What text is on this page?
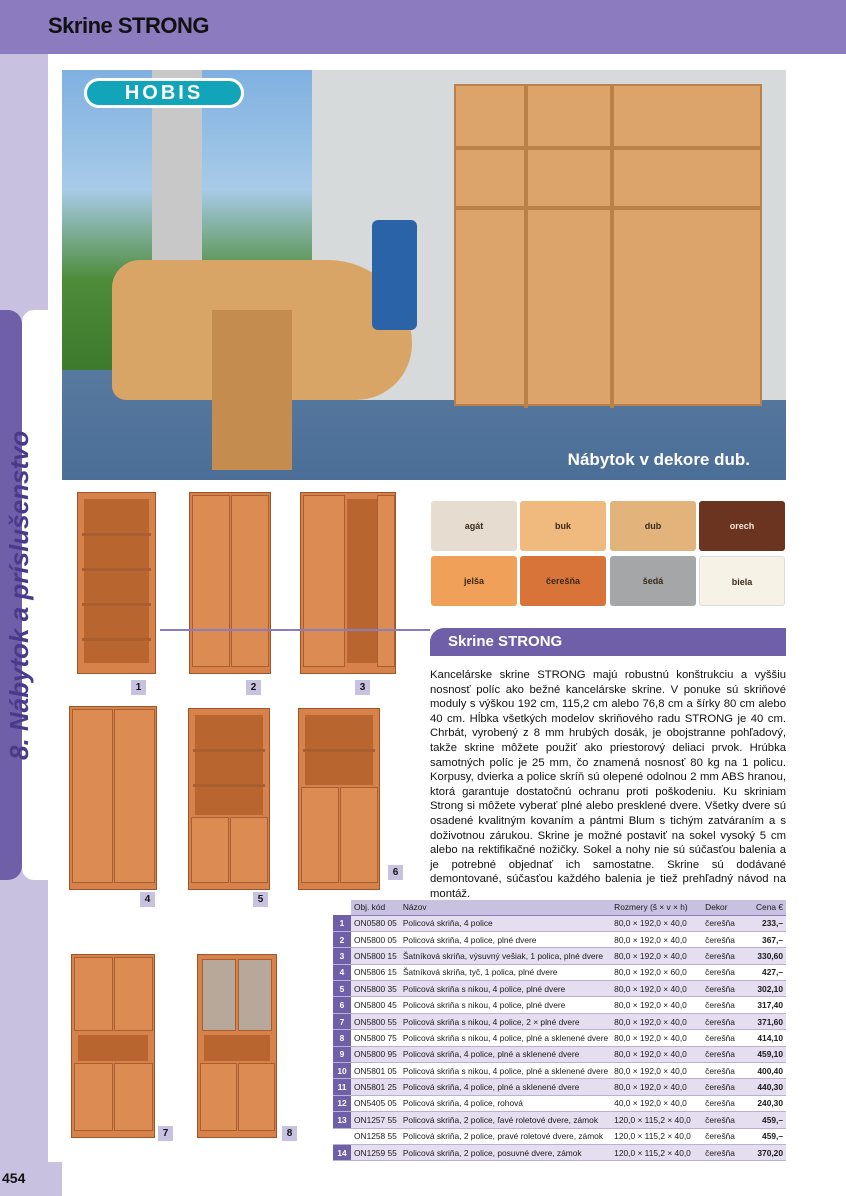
Skrine STRONG
8. Nábytok a príslušenstvo
454
HOBIS
Nábytok v dekore dub.
1	2	3
4	5
6
7	8
agát	buk	dub	orech
jelša	čerešňa	šedá	biela
Skrine STRONG
Kancelárske skrine STRONG majú robustnú konštrukciu a vyššiu nosnosť políc ako bežné kancelárske skrine. V ponuke sú skriňové moduly s výškou 192 cm, 115,2 cm alebo 76,8 cm a šírky 80 cm alebo 40 cm. Hĺbka všetkých modelov skriňového radu STRONG je 40 cm. Chrbát, vyrobený z 8 mm hrubých dosák, je obojstranne pohľadový, takže skrine môžete použiť ako priestorový deliaci prvok. Hrúbka samotných políc je 25 mm, čo znamená nosnosť 80 kg na 1 policu. Korpusy, dvierka a police skríň sú olepené odolnou 2 mm ABS hranou, ktorá garantuje dostatočnú ochranu proti poškodeniu. Ku skriniam Strong si môžete vyberať plné alebo presklené dvere. Všetky dvere sú osadené kvalitným kovaním a pántmi Blum s tichým zatváraním a s doživotnou zárukou. Skrine je možné postaviť na sokel vysoký 5 cm alebo na rektifikačné nožičky. Sokel a nohy nie sú súčasťou balenia a je potrebné objednať ich samostatne. Skrine sú dodávané demontované, súčasťou každého balenia je tiež prehľadný návod na montáž.
	Obj. kód	Názov	Rozmery (š × v × h)	Dekor	Cena €
1	ON0580 05	Policová skriňa, 4 police	80,0 × 192,0 × 40,0	čerešňa	233,–
2	ON5800 05	Policová skriňa, 4 police, plné dvere	80,0 × 192,0 × 40,0	čerešňa	367,–
3	ON5800 15	Šatníková skriňa, výsuvný vešiak, 1 polica, plné dvere	80,0 × 192,0 × 40,0	čerešňa	330,60
4	ON5806 15	Šatníková skriňa, tyč, 1 polica, plné dvere	80,0 × 192,0 × 60,0	čerešňa	427,–
5	ON5800 35	Policová skriňa s nikou, 4 police, plné dvere	80,0 × 192,0 × 40,0	čerešňa	302,10
6	ON5800 45	Policová skriňa s nikou, 4 police, plné dvere	80,0 × 192,0 × 40,0	čerešňa	317,40
7	ON5800 55	Policová skriňa s nikou, 4 police, 2 × plné dvere	80,0 × 192,0 × 40,0	čerešňa	371,60
8	ON5800 75	Policová skriňa s nikou, 4 police, plné a sklenené dvere	80,0 × 192,0 × 40,0	čerešňa	414,10
9	ON5800 95	Policová skriňa, 4 police, plné a sklenené dvere	80,0 × 192,0 × 40,0	čerešňa	459,10
10	ON5801 05	Policová skriňa s nikou, 4 police, plné a sklenené dvere	80,0 × 192,0 × 40,0	čerešňa	400,40
11	ON5801 25	Policová skriňa, 4 police, plné a sklenené dvere	80,0 × 192,0 × 40,0	čerešňa	440,30
12	ON5405 05	Policová skriňa, 4 police, rohová	40,0 × 192,0 × 40,0	čerešňa	240,30
13	ON1257 55	Policová skriňa, 2 police, ľavé roletové dvere, zámok	120,0 × 115,2 × 40,0	čerešňa	459,–
	ON1258 55	Policová skriňa, 2 police, pravé roletové dvere, zámok	120,0 × 115,2 × 40,0	čerešňa	459,–
14	ON1259 55	Policová skriňa, 2 police, posuvné dvere, zámok	120,0 × 115,2 × 40,0	čerešňa	370,20
